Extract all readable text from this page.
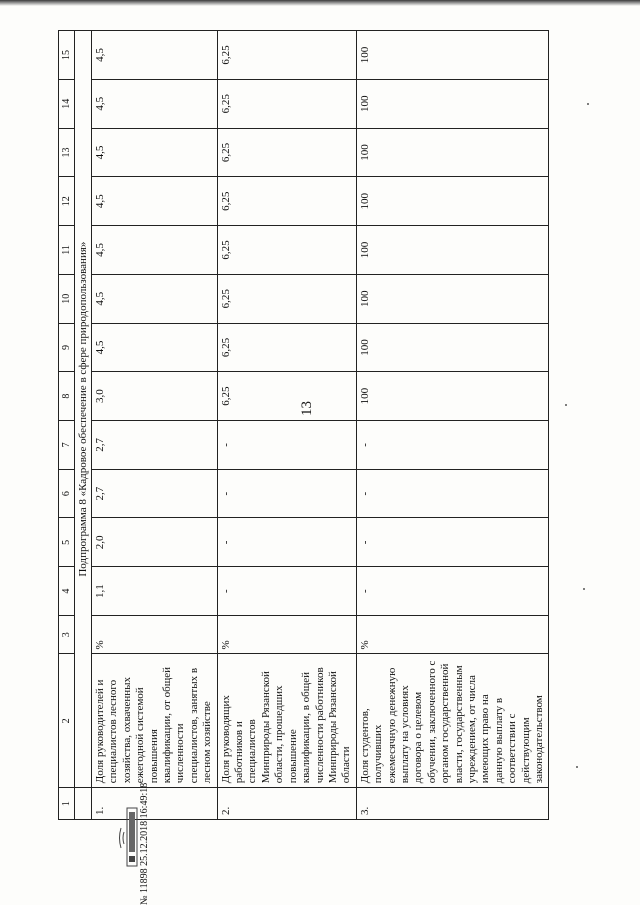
13
1	2	3	4	5	6	7	8	9	10	11	12	13	14	15
	Подпрограмма 8 «Кадровое обеспечение в сфере природопользования»													
1.	Доля руководителей и специалистов лесного хозяйства, охваченных ежегодной системой повышения квалификации, от общей численности специалистов, занятых в лесном хозяйстве	%	1,1	2,0	2,7	2,7	3,0	4,5	4,5	4,5	4,5	4,5	4,5	4,5
2.	Доля руководящих работников и специалистов Минприроды Рязанской области, прошедших повышение квалификации, в общей численности работников Минприроды Рязанской области	%	-	-	-	-	6,25	6,25	6,25	6,25	6,25	6,25	6,25	6,25
3.	Доля студентов, получивших ежемесячную денежную выплату на условиях договора о целевом обучении, заключенного с органом государственной власти, государственным учреждением, от числа имеющих право на данную выплату в соответствии с действующим законодательством	%	-	-	-	-	100	100	100	100	100	100	100	100
№ 11898 25.12.2018 16:49:18
